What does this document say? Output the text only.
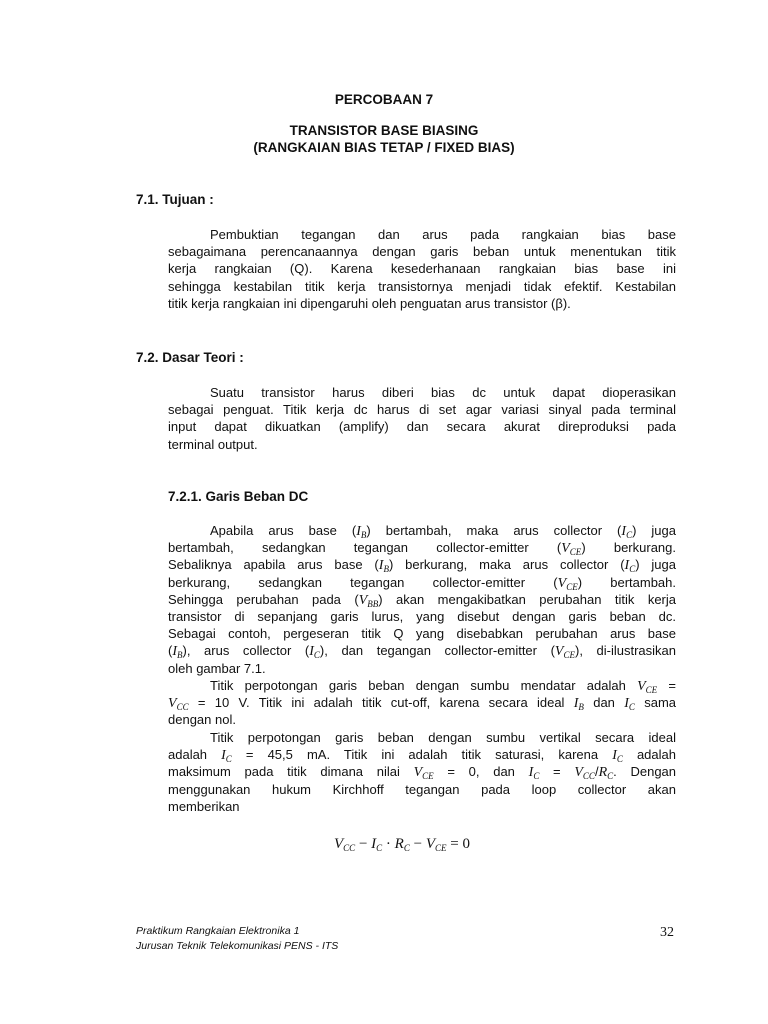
PERCOBAAN 7
TRANSISTOR BASE BIASING
(RANGKAIAN BIAS TETAP / FIXED BIAS)
7.1. Tujuan :
Pembuktian tegangan dan arus pada rangkaian bias base
sebagaimana perencanaannya dengan garis beban untuk menentukan titik
kerja rangkaian (Q). Karena kesederhanaan rangkaian bias base ini
sehingga kestabilan titik kerja transistornya menjadi tidak efektif. Kestabilan
titik kerja rangkaian ini dipengaruhi oleh penguatan arus transistor (β).
7.2. Dasar Teori :
Suatu transistor harus diberi bias dc untuk dapat dioperasikan
sebagai penguat. Titik kerja dc harus di set agar variasi sinyal pada terminal
input dapat dikuatkan (amplify) dan secara akurat direproduksi pada
terminal output.
7.2.1. Garis Beban DC
Apabila arus base $(I_B)$ bertambah, maka arus collector $(I_C)$ juga
bertambah, sedangkan tegangan collector-emitter $(V_{CE})$ berkurang.
Sebaliknya apabila arus base $(I_B)$ berkurang, maka arus collector $(I_C)$ juga
berkurang, sedangkan tegangan collector-emitter $(V_{CE})$ bertambah.
Sehingga perubahan pada $(V_{BB})$ akan mengakibatkan perubahan titik kerja
transistor di sepanjang garis lurus, yang disebut dengan garis beban dc.
Sebagai contoh, pergeseran titik Q yang disebabkan perubahan arus base
$(I_B)$, arus collector $(I_C)$, dan tegangan collector-emitter $(V_{CE})$, di-ilustrasikan
oleh gambar 7.1.
Titik perpotongan garis beban dengan sumbu mendatar adalah $V_{CE}$ =
$V_{CC} = 10$ V. Titik ini adalah titik cut-off, karena secara ideal $I_B$ dan $I_C$ sama
dengan nol.
Titik perpotongan garis beban dengan sumbu vertikal secara ideal
adalah $I_C = 45,5$ mA. Titik ini adalah titik saturasi, karena $I_C$ adalah
maksimum pada titik dimana nilai $V_{CE} = 0$, dan $I_C = V_{CC}/R_C$. Dengan
menggunakan hukum Kirchhoff tegangan pada loop collector akan
memberikan
$V_{CC} - I_C \cdot R_C - V_{CE} = 0$
Praktikum Rangkaian Elektronika 1
Jurusan Teknik Telekomunikasi PENS - ITS
32
